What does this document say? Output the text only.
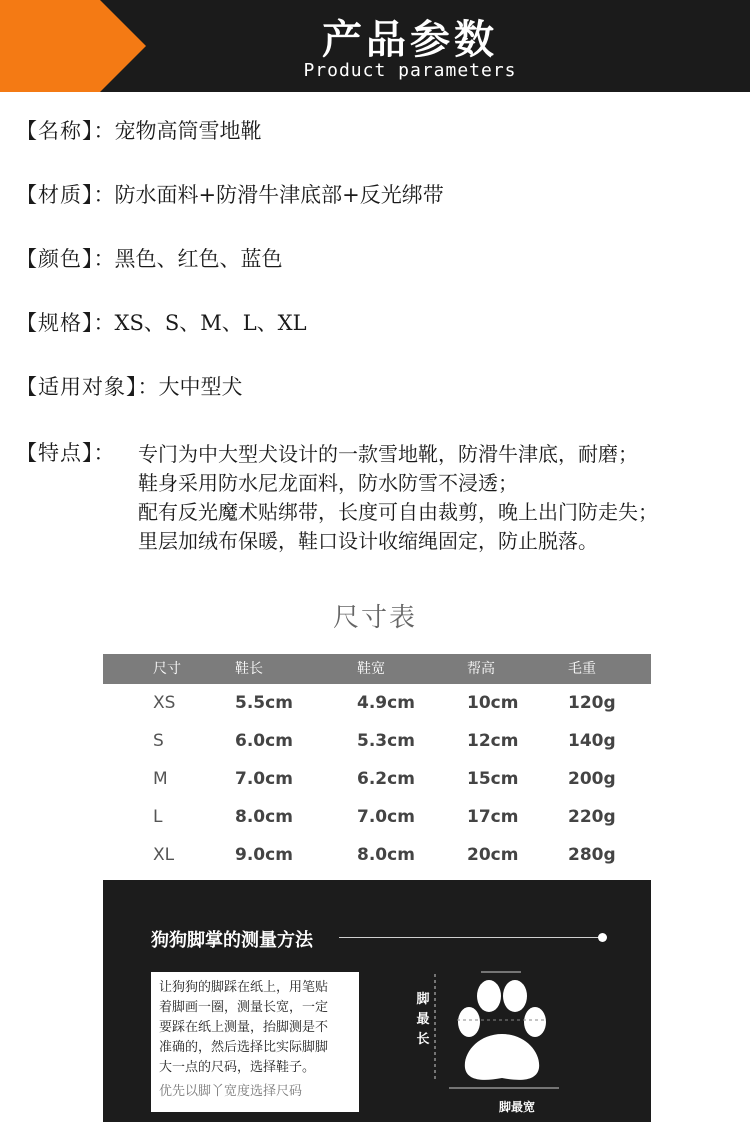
产品参数
Product parameters
【名称】：宠物高筒雪地靴
【材质】：防水面料+防滑牛津底部+反光绑带
【颜色】：黑色、红色、蓝色
【规格】：XS、S、M、L、XL
【适用对象】：大中型犬
【特点】： 专门为中大型犬设计的一款雪地靴，防滑牛津底，耐磨；
鞋身采用防水尼龙面料，防水防雪不浸透；
配有反光魔术贴绑带，长度可自由裁剪，晚上出门防走失；
里层加绒布保暖，鞋口设计收缩绳固定，防止脱落。
尺寸表
尺寸	鞋长	鞋宽	帮高	毛重
XS	5.5cm	4.9cm	10cm	120g
S	6.0cm	5.3cm	12cm	140g
M	7.0cm	6.2cm	15cm	200g
L	8.0cm	7.0cm	17cm	220g
XL	9.0cm	8.0cm	20cm	280g
狗狗脚掌的测量方法
让狗狗的脚踩在纸上，用笔贴
着脚画一圈，测量长宽，一定
要踩在纸上测量，抬脚测是不
准确的，然后选择比实际脚脚
大一点的尺码，选择鞋子。
优先以脚丫宽度选择尺码
脚最长
脚最宽
